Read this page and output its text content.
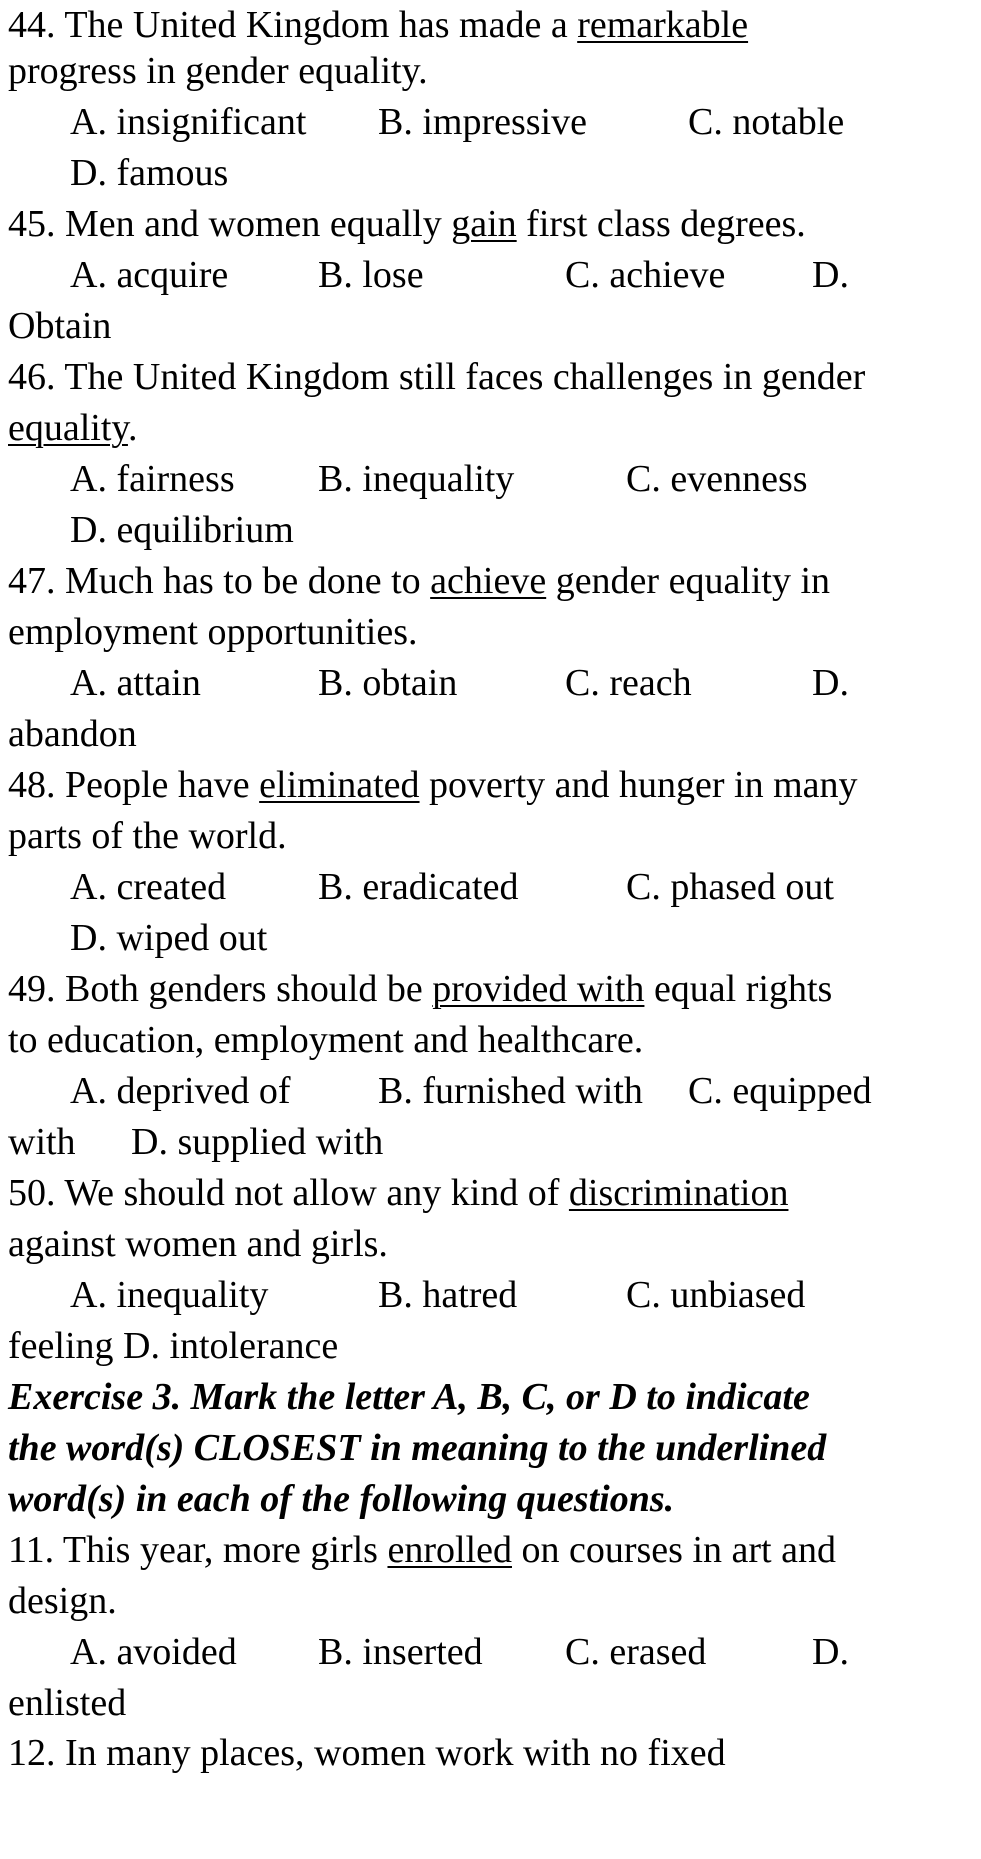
44. The United Kingdom has made a remarkable
progress in gender equality.

A. insignificant

B. impressive

	C. notable

D. famous
45. Men and women equally gain first class degrees.

A. acquire

B. lose

	C. achieve

D.

Obtain
46. The United Kingdom still faces challenges in gender
equality.

A. fairness

B. inequality

	C. evenness

D. equilibrium
47. Much has to be done to achieve gender equality in
employment opportunities.

A. attain

	B. obtain

	C. reach

	D.

abandon
48. People have eliminated poverty and hunger in many
parts of the world.

A. created

B. eradicated

	C. phased out

D. wiped out
49. Both genders should be provided with equal rights
to education, employment and healthcare.

A. deprived of

B. furnished with

C. equipped

with

D. supplied with

50. We should not allow any kind of discrimination
against women and girls.

A. inequality

	B. hatred

	C. unbiased

feeling D. intolerance
Exercise 3. Mark the letter A, B, C, or D to indicate
the word(s) CLOSEST in meaning to the underlined
word(s) in each of the following questions.
11. This year, more girls enrolled on courses in art and
design.

A. avoided

B. inserted

C. erased

	D.

enlisted
12. In many places, women work with no fixed
